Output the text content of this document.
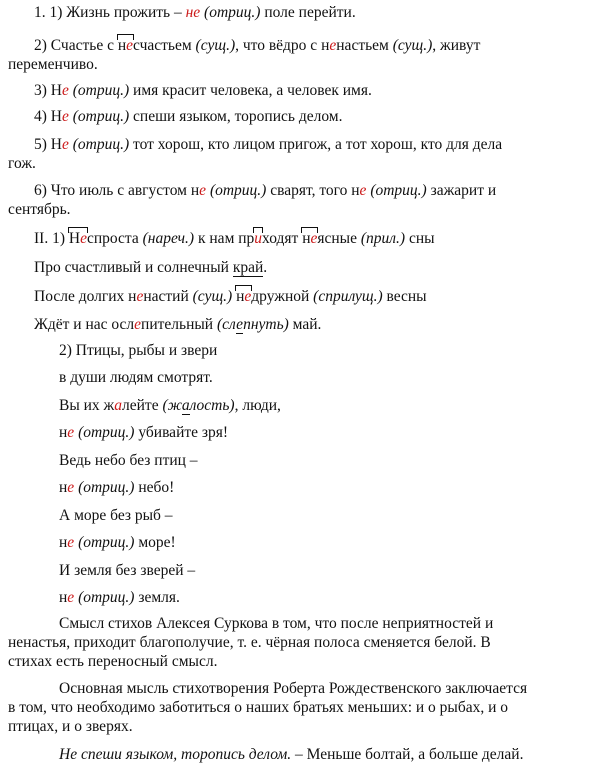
1. 1) Жизнь прожить – не (отриц.) поле перейти.
2) Счастье с несчастьем (сущ.), что вёдро с ненастьем (сущ.), живут
переменчиво.
3) Не (отриц.) имя красит человека, а человек имя.
4) Не (отриц.) спеши языком, торопись делом.
5) Не (отриц.) тот хорош, кто лицом пригож, а тот хорош, кто для дела
гож.
6) Что июль с августом не (отриц.) сварят, того не (отриц.) зажарит и
сентябрь.
II. 1) Неспроста (нареч.) к нам приходят неясные (прил.) сны
Про счастливый и солнечный край.
После долгих ненастий (сущ.) недружной (сприлущ.) весны
Ждёт и нас ослепительный (слепнуть) май.
2) Птицы, рыбы и звери
в души людям смотрят.
Вы их жалейте (жалость), люди,
не (отриц.) убивайте зря!
Ведь небо без птиц –
не (отриц.) небо!
А море без рыб –
не (отриц.) море!
И земля без зверей –
не (отриц.) земля.
Смысл стихов Алексея Суркова в том, что после неприятностей и
ненастья, приходит благополучие, т. е. чёрная полоса сменяется белой. В
стихах есть переносный смысл.
Основная мысль стихотворения Роберта Рождественского заключается
в том, что необходимо заботиться о наших братьях меньших: и о рыбах, и о
птицах, и о зверях.
Не спеши языком, торопись делом. – Меньше болтай, а больше делай.
